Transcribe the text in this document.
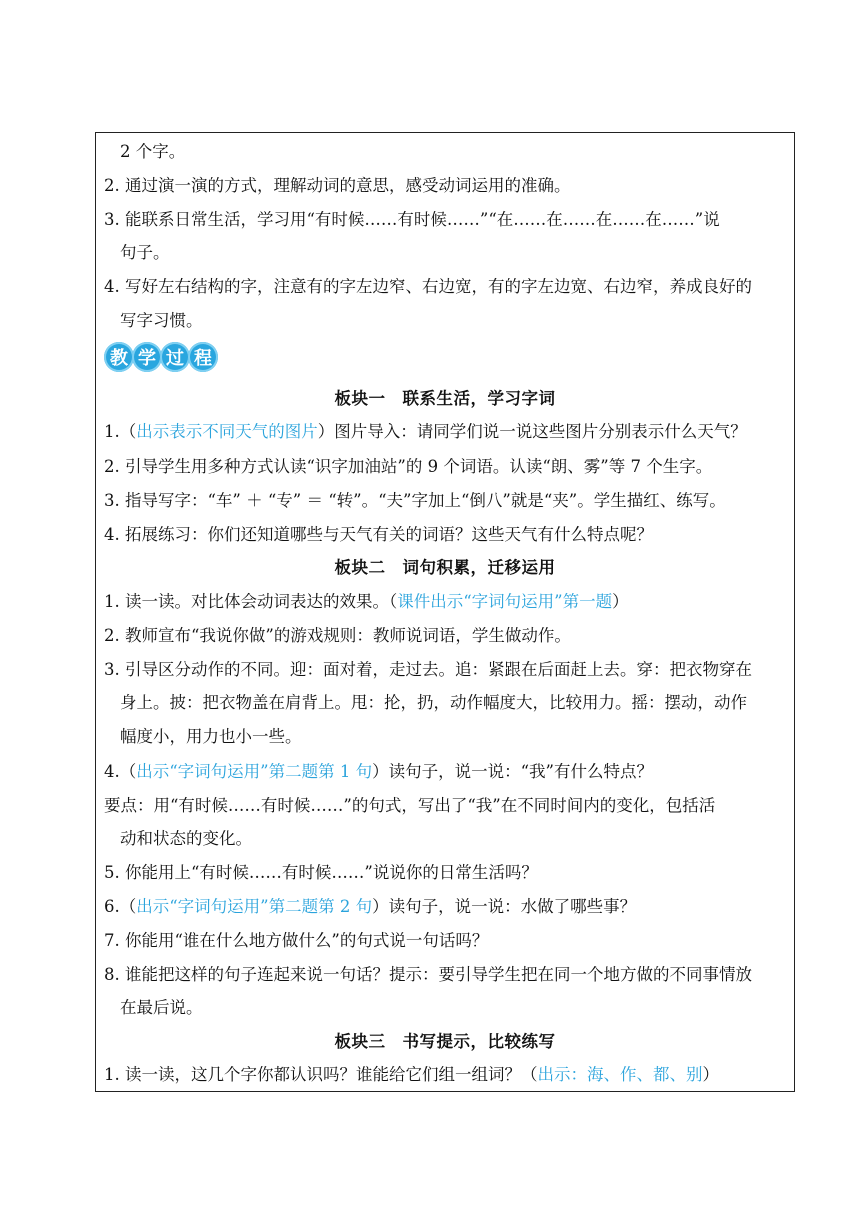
2 个字。
2. 通过演一演的方式，理解动词的意思，感受动词运用的准确。
3. 能联系日常生活，学习用“有时候……有时候……”“在……在……在……在……”说
句子。
4. 写好左右结构的字，注意有的字左边窄、右边宽，有的字左边宽、右边窄，养成良好的
写字习惯。
教 学 过 程
板块一　联系生活，学习字词
1.（出示表示不同天气的图片）图片导入：请同学们说一说这些图片分别表示什么天气？
2. 引导学生用多种方式认读“识字加油站”的 9 个词语。认读“朗、雾”等 7 个生字。
3. 指导写字：“车” ＋ “专” ＝ “转”。“夫”字加上“倒八”就是“夹”。学生描红、练写。
4. 拓展练习：你们还知道哪些与天气有关的词语？这些天气有什么特点呢？
板块二　词句积累，迁移运用
1. 读一读。对比体会动词表达的效果。（课件出示“字词句运用”第一题）
2. 教师宣布“我说你做”的游戏规则：教师说词语，学生做动作。
3. 引导区分动作的不同。迎：面对着，走过去。追：紧跟在后面赶上去。穿：把衣物穿在
身上。披：把衣物盖在肩背上。甩：抡，扔，动作幅度大，比较用力。摇：摆动，动作
幅度小，用力也小一些。
4.（出示“字词句运用”第二题第 1 句）读句子，说一说：“我”有什么特点？
要点：用“有时候……有时候……”的句式，写出了“我”在不同时间内的变化，包括活
动和状态的变化。
5. 你能用上“有时候……有时候……”说说你的日常生活吗？
6.（出示“字词句运用”第二题第 2 句）读句子，说一说：水做了哪些事？
7. 你能用“谁在什么地方做什么”的句式说一句话吗？
8. 谁能把这样的句子连起来说一句话？提示：要引导学生把在同一个地方做的不同事情放
在最后说。
板块三　书写提示，比较练写
1. 读一读，这几个字你都认识吗？谁能给它们组一组词？（出示：海、作、都、别）
